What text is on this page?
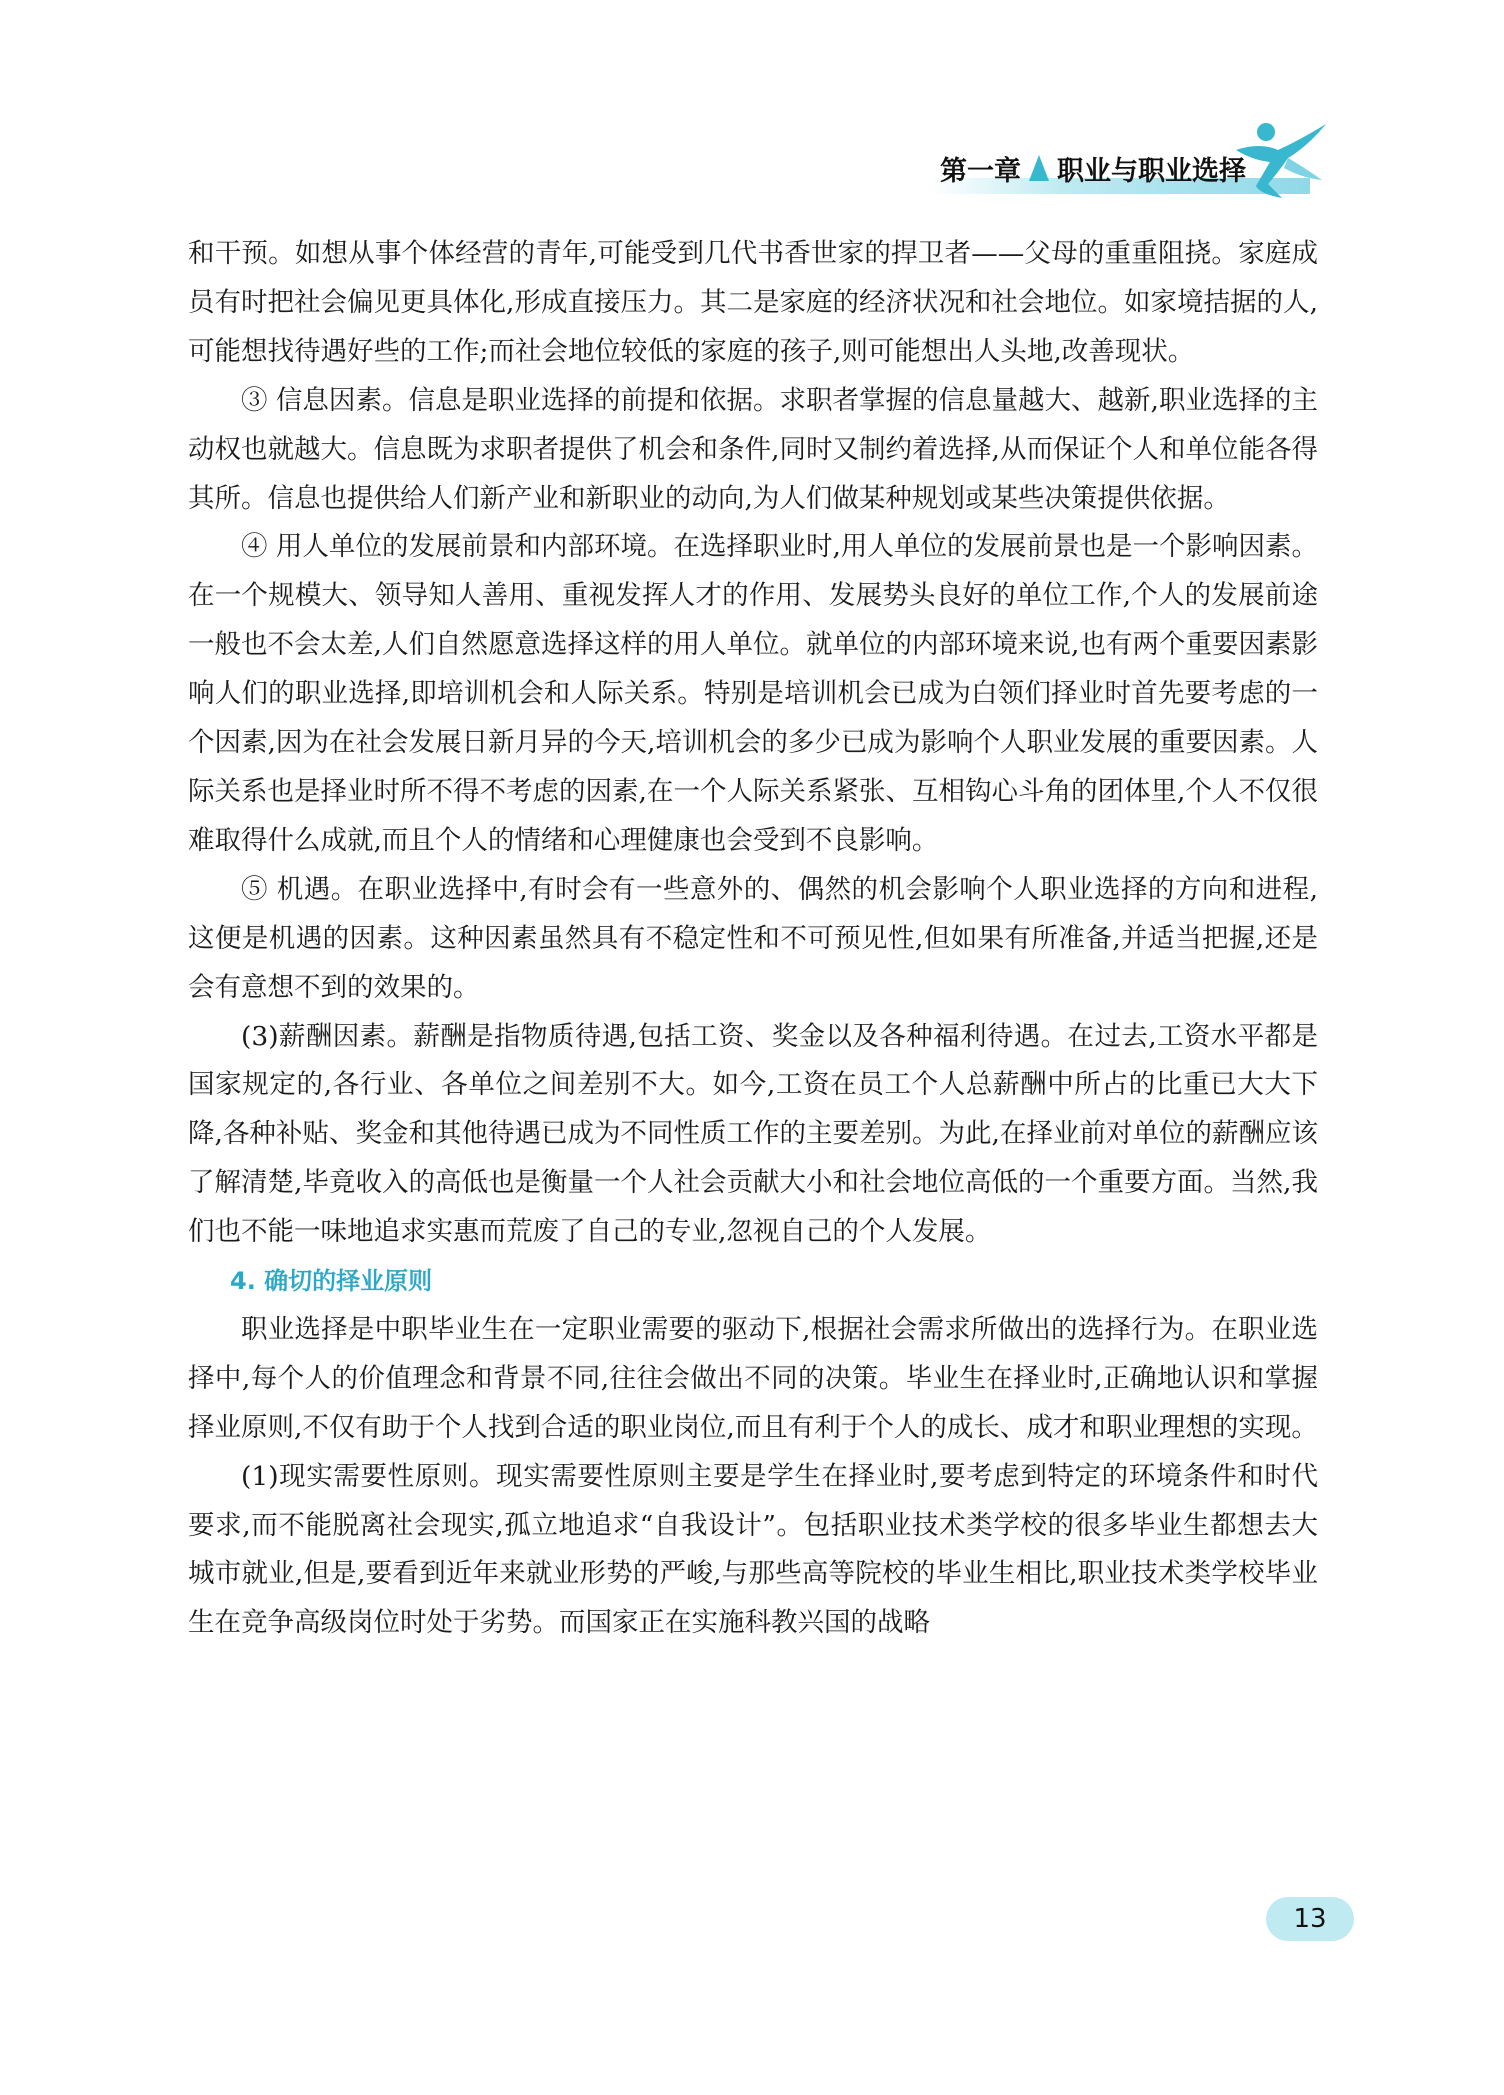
第一章 职业与职业选择

和干预。如想从事个体经营的青年,可能受到几代书香世家的捍卫者——父母的重重阻挠。家庭成员有时把社会偏见更具体化,形成直接压力。其二是家庭的经济状况和社会地位。如家境拮据的人,可能想找待遇好些的工作;而社会地位较低的家庭的孩子,则可能想出人头地,改善现状。

③ 信息因素。信息是职业选择的前提和依据。求职者掌握的信息量越大、越新,职业选择的主动权也就越大。信息既为求职者提供了机会和条件,同时又制约着选择,从而保证个人和单位能各得其所。信息也提供给人们新产业和新职业的动向,为人们做某种规划或某些决策提供依据。

④ 用人单位的发展前景和内部环境。在选择职业时,用人单位的发展前景也是一个影响因素。在一个规模大、领导知人善用、重视发挥人才的作用、发展势头良好的单位工作,个人的发展前途一般也不会太差,人们自然愿意选择这样的用人单位。就单位的内部环境来说,也有两个重要因素影响人们的职业选择,即培训机会和人际关系。特别是培训机会已成为白领们择业时首先要考虑的一个因素,因为在社会发展日新月异的今天,培训机会的多少已成为影响个人职业发展的重要因素。人际关系也是择业时所不得不考虑的因素,在一个人际关系紧张、互相钩心斗角的团体里,个人不仅很难取得什么成就,而且个人的情绪和心理健康也会受到不良影响。

⑤ 机遇。在职业选择中,有时会有一些意外的、偶然的机会影响个人职业选择的方向和进程,这便是机遇的因素。这种因素虽然具有不稳定性和不可预见性,但如果有所准备,并适当把握,还是会有意想不到的效果的。

(3)薪酬因素。薪酬是指物质待遇,包括工资、奖金以及各种福利待遇。在过去,工资水平都是国家规定的,各行业、各单位之间差别不大。如今,工资在员工个人总薪酬中所占的比重已大大下降,各种补贴、奖金和其他待遇已成为不同性质工作的主要差别。为此,在择业前对单位的薪酬应该了解清楚,毕竟收入的高低也是衡量一个人社会贡献大小和社会地位高低的一个重要方面。当然,我们也不能一味地追求实惠而荒废了自己的专业,忽视自己的个人发展。

4. 确切的择业原则

职业选择是中职毕业生在一定职业需要的驱动下,根据社会需求所做出的选择行为。在职业选择中,每个人的价值理念和背景不同,往往会做出不同的决策。毕业生在择业时,正确地认识和掌握择业原则,不仅有助于个人找到合适的职业岗位,而且有利于个人的成长、成才和职业理想的实现。

(1)现实需要性原则。现实需要性原则主要是学生在择业时,要考虑到特定的环境条件和时代要求,而不能脱离社会现实,孤立地追求“自我设计”。包括职业技术类学校的很多毕业生都想去大城市就业,但是,要看到近年来就业形势的严峻,与那些高等院校的毕业生相比,职业技术类学校毕业生在竞争高级岗位时处于劣势。而国家正在实施科教兴国的战略

13
